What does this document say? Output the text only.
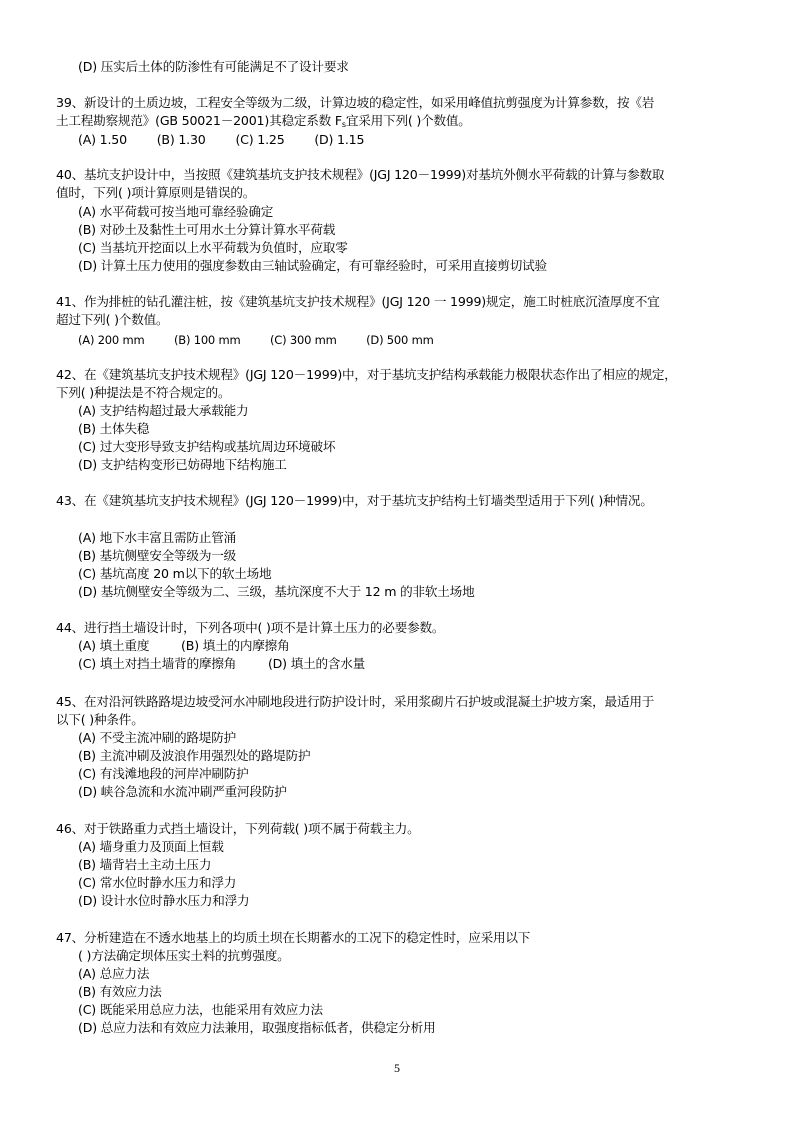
(D) 压实后土体的防渗性有可能满足不了设计要求
39、新设计的土质边坡，工程安全等级为二级，计算边坡的稳定性，如采用峰值抗剪强度为计算参数，按《岩
土工程勘察规范》(GB 50021－2001)其稳定系数 $F_s$宜采用下列( )个数值。
(A) 1.50 (B) 1.30 (C) 1.25 (D) 1.15
40、基坑支护设计中，当按照《建筑基坑支护技术规程》(JGJ 120－1999)对基坑外侧水平荷载的计算与参数取
值时，下列( )项计算原则是错误的。
(A) 水平荷载可按当地可靠经验确定
(B) 对砂土及黏性土可用水土分算计算水平荷载
(C) 当基坑开挖面以上水平荷载为负值时，应取零
(D) 计算土压力使用的强度参数由三轴试验确定，有可靠经验时，可采用直接剪切试验
41、作为排桩的钻孔灌注桩，按《建筑基坑支护技术规程》(JGJ 120 一 1999)规定，施工时桩底沉渣厚度不宜
超过下列( )个数值。
(A) 200 mm	(B) 100 mm	(C) 300 mm	(D) 500 mm
42、在《建筑基坑支护技术规程》(JGJ 120－1999)中，对于基坑支护结构承载能力极限状态作出了相应的规定，
下列( )种提法是不符合规定的。
(A) 支护结构超过最大承载能力
(B) 土体失稳
(C) 过大变形导致支护结构或基坑周边环境破坏
(D) 支护结构变形已妨碍地下结构施工
43、在《建筑基坑支护技术规程》(JGJ 120－1999)中，对于基坑支护结构土钉墙类型适用于下列( )种情况。
(A) 地下水丰富且需防止管涌
(B) 基坑侧壁安全等级为一级
(C) 基坑高度 20 m以下的软土场地
(D) 基坑侧壁安全等级为二、三级，基坑深度不大于 12 m 的非软土场地
44、进行挡土墙设计时，下列各项中( )项不是计算土压力的必要参数。
(A) 填土重度	(B) 填土的内摩擦角
(C) 填土对挡土墙背的摩擦角	(D) 填土的含水量
45、在对沿河铁路路堤边坡受河水冲刷地段进行防护设计时，采用浆砌片石护坡或混凝土护坡方案，最适用于
以下( )种条件。
(A) 不受主流冲刷的路堤防护
(B) 主流冲刷及波浪作用强烈处的路堤防护
(C) 有浅滩地段的河岸冲刷防护
(D) 峡谷急流和水流冲刷严重河段防护
46、对于铁路重力式挡土墙设计，下列荷载( )项不属于荷载主力。
(A) 墙身重力及顶面上恒载
(B) 墙背岩土主动土压力
(C) 常水位时静水压力和浮力
(D) 设计水位时静水压力和浮力
47、分析建造在不透水地基上的均质土坝在长期蓄水的工况下的稳定性时，应采用以下
( )方法确定坝体压实土料的抗剪强度。
(A) 总应力法
(B) 有效应力法
(C) 既能采用总应力法，也能采用有效应力法
(D) 总应力法和有效应力法兼用，取强度指标低者，供稳定分析用
5
